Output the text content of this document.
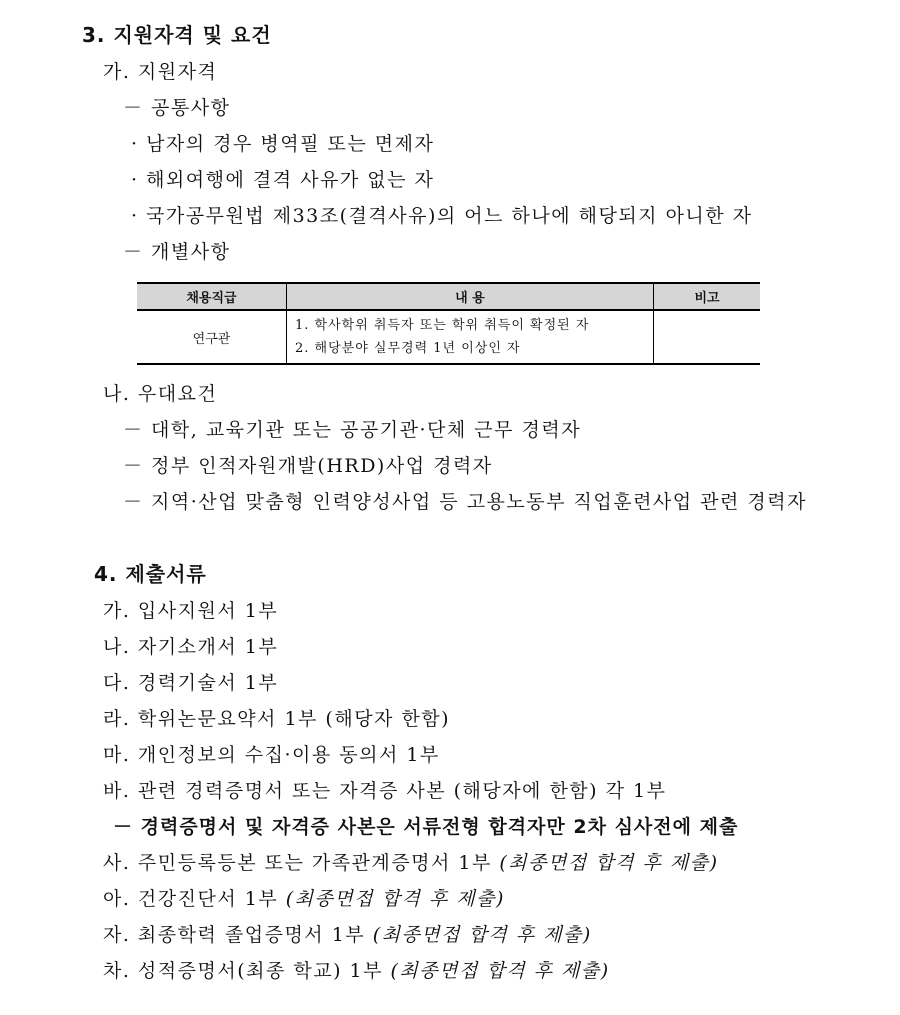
3. 지원자격 및 요건
가. 지원자격
－ 공통사항
· 남자의 경우 병역필 또는 면제자
· 해외여행에 결격 사유가 없는 자
· 국가공무원법 제33조(결격사유)의 어느 하나에 해당되지 아니한 자
－ 개별사항
채용직급	내 용	비고
연구관	1. 학사학위 취득자 또는 학위 취득이 확정된 자
2. 해당분야 실무경력 1년 이상인 자	

나. 우대요건
－ 대학, 교육기관 또는 공공기관·단체 근무 경력자
－ 정부 인적자원개발(HRD)사업 경력자
－ 지역·산업 맞춤형 인력양성사업 등 고용노동부 직업훈련사업 관련 경력자
4. 제출서류
가. 입사지원서 1부
나. 자기소개서 1부
다. 경력기술서 1부
라. 학위논문요약서 1부 (해당자 한함)
마. 개인정보의 수집·이용 동의서 1부
바. 관련 경력증명서 또는 자격증 사본 (해당자에 한함) 각 1부
－ 경력증명서 및 자격증 사본은 서류전형 합격자만 2차 심사전에 제출
사. 주민등록등본 또는 가족관계증명서 1부 (최종면접 합격 후 제출)
아. 건강진단서 1부 (최종면접 합격 후 제출)
자. 최종학력 졸업증명서 1부 (최종면접 합격 후 제출)
차. 성적증명서(최종 학교) 1부 (최종면접 합격 후 제출)
